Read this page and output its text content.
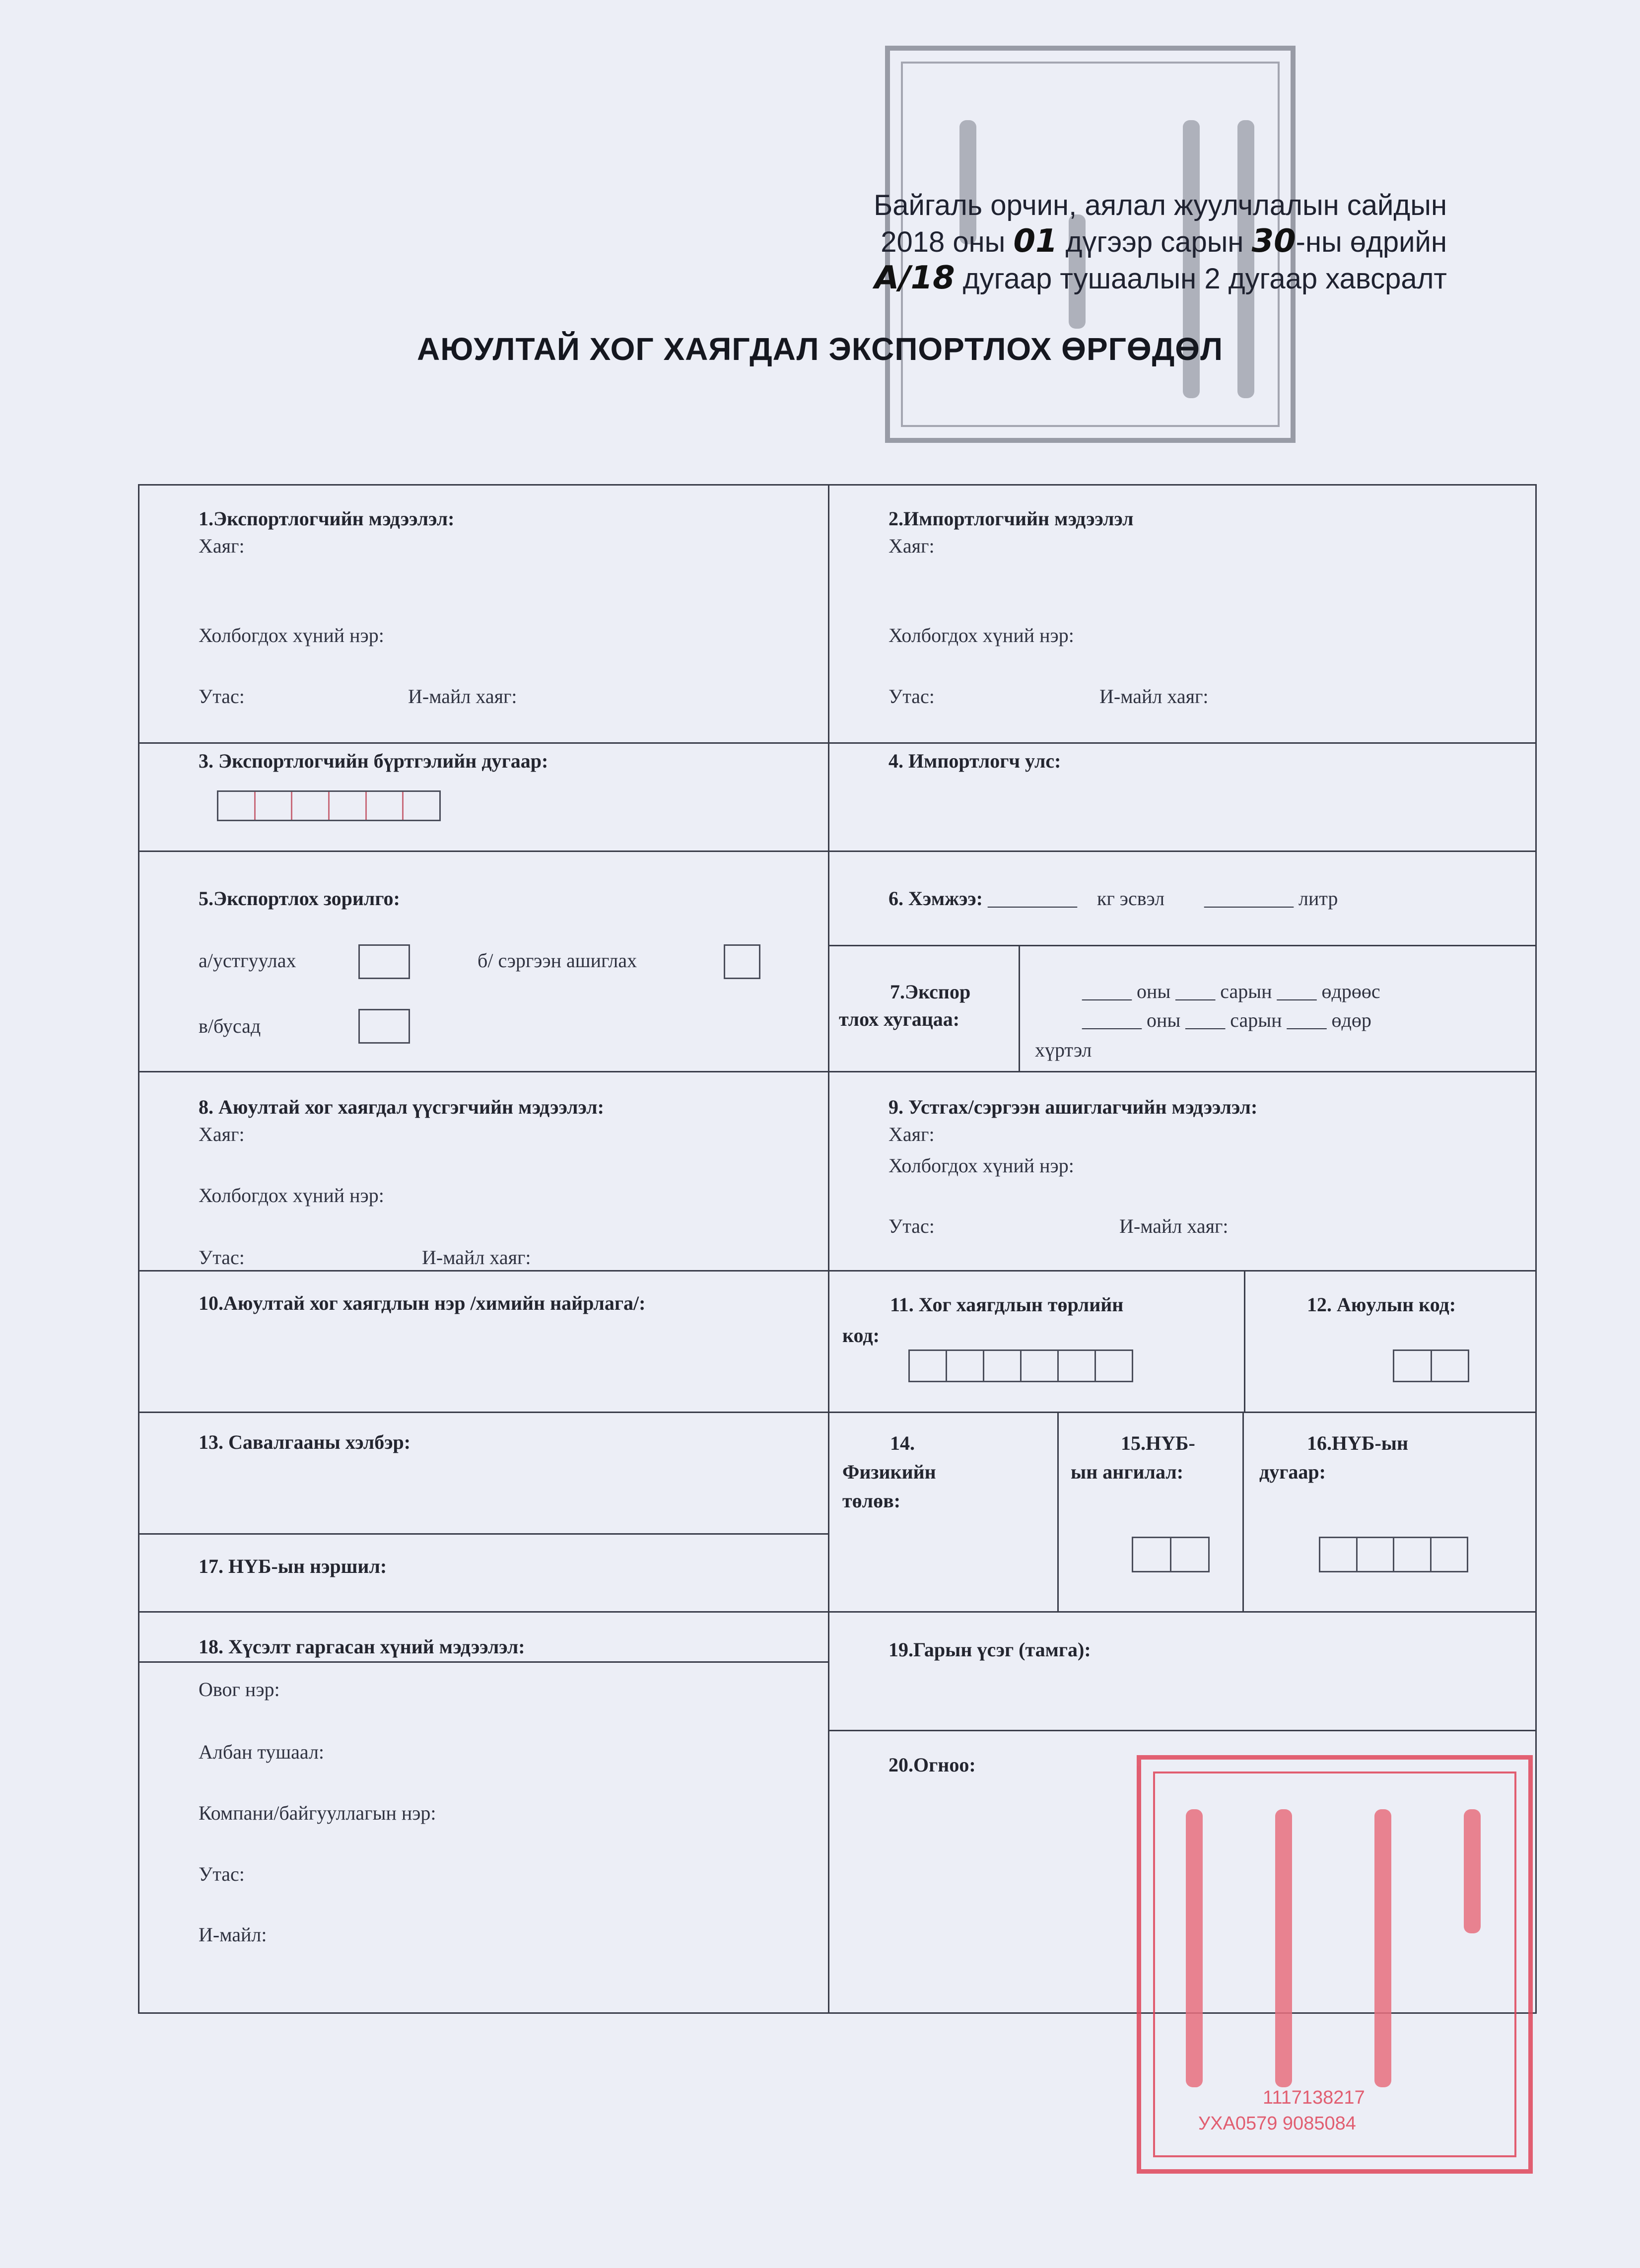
Байгаль орчин, аялал жуулчлалын сайдын
2018 оны 01 дүгээр сарын 30-ны өдрийн
А/18 дугаар тушаалын 2 дугаар хавсралт
АЮУЛТАЙ ХОГ ХАЯГДАЛ ЭКСПОРТЛОХ ӨРГӨДӨЛ
1.Экспортлогчийн мэдээлэл:
Хаяг:
Холбогдох хүний нэр:
Утас:	И-майл хаяг:
2.Импортлогчийн мэдээлэл
Хаяг:
Холбогдох хүний нэр:
Утас:	И-майл хаяг:
3. Экспортлогчийн бүртгэлийн дугаар:	4. Импортлогч улс:
5.Экспортлох зорилго:
а/устгуулах	б/ сэргээн ашиглах
в/бусад
6. Хэмжээ: _________ кг эсвэл _________ литр
7.Экспор
тлох хугацаа:
_____ оны ____ сарын ____ өдрөөс
______ оны ____ сарын ____ өдөр
хүртэл
8. Аюултай хог хаягдал үүсгэгчийн мэдээлэл:
Хаяг:
Холбогдох хүний нэр:
Утас:	И-майл хаяг:
9. Устгах/сэргээн ашиглагчийн мэдээлэл:
Хаяг:
Холбогдох хүний нэр:
Утас:	И-майл хаяг:
10.Аюултай хог хаягдлын нэр /химийн найрлага/:	11. Хог хаягдлын төрлийн
код:
12. Аюулын код:
13. Савалгааны хэлбэр:	14.
Физикийн
төлөв:
15.НҮБ-
ын ангилал:
16.НҮБ-ын
дугаар:
17. НҮБ-ын нэршил:
18. Хүсэлт гаргасан хүний мэдээлэл:
Овог нэр:
Албан тушаал:
Компани/байгууллагын нэр:
Утас:
И-майл:
19.Гарын үсэг (тамга):
20.Огноо:
1117138217
УХА0579 9085084
